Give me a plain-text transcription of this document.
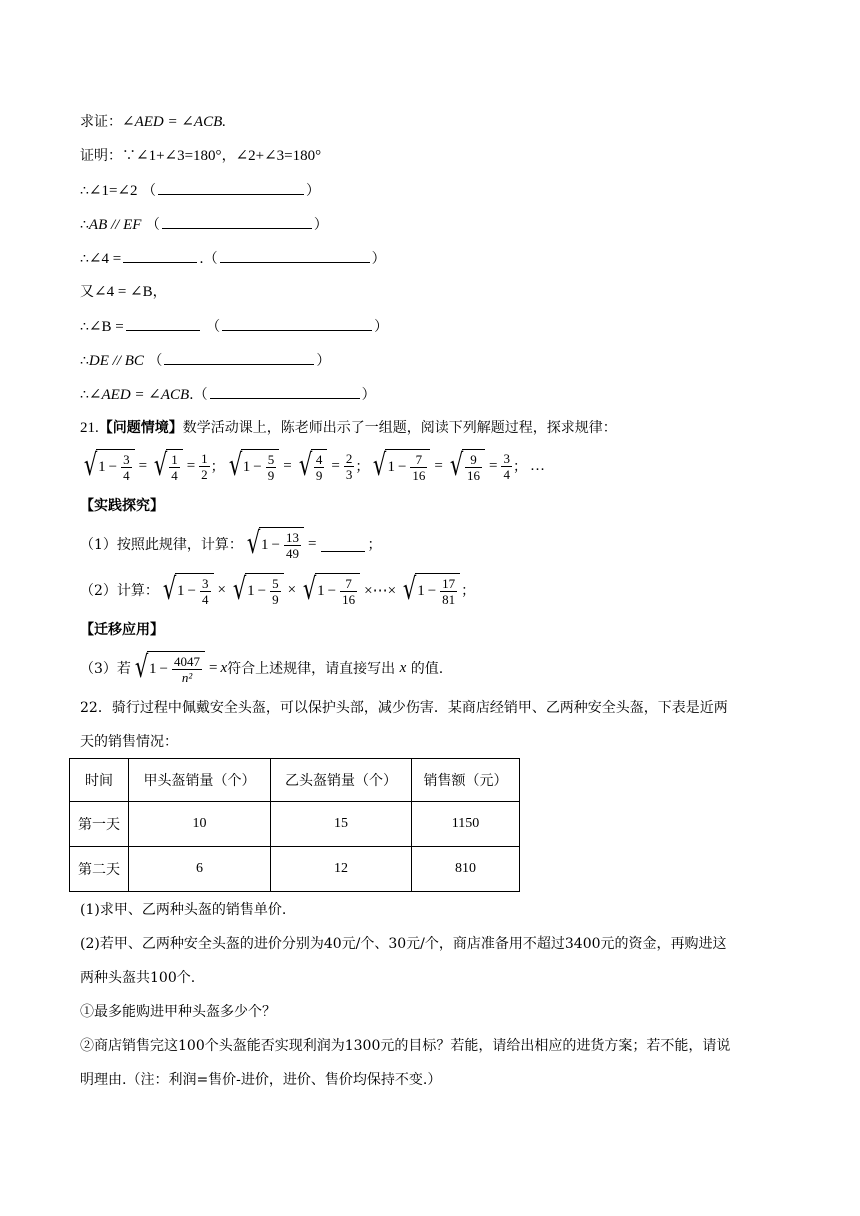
求证：∠AED = ∠ACB.
证明：∵∠1+∠3=180°，∠2+∠3=180°
∴∠1=∠2 （	）
∴AB // EF （	）
∴∠4 =	.（	）
又∠4 = ∠B，
∴∠B =	（	）
∴DE // BC （	）
∴∠AED = ∠ACB.（	）
21.【问题情境】数学活动课上，陈老师出示了一组题，阅读下列解题过程，探求规律：
√ $1 - \frac{3}{4}$ = √ $\frac{1}{4} = \frac{1}{2}$ ； √ $1 - \frac{5}{9}$ = √ $\frac{4}{9} = \frac{2}{3}$ ； √ $1 - \frac{7}{16}$ = √ $\frac{9}{16} = \frac{3}{4}$ ； …
【实践探究】
（1）按照此规律，计算： √ $1 - \frac{13}{49}$ =	；
（2）计算： √ $1 - \frac{3}{4}$ × √ $1 - \frac{5}{9}$ × √ $1 - \frac{7}{16}$ ×⋯× √ $1 - \frac{17}{81}$ ；
【迁移应用】
（3）若 √ $1 - \frac{4047}{\text{n²}} = x$ 符合上述规律，请直接写出
x
的值.
22．骑行过程中佩戴安全头盔，可以保护头部，减少伤害．某商店经销甲、乙两种安全头盔，下表是近两
天的销售情况：
时间	甲头盔销量（个）	乙头盔销量（个）	销售额（元）
第一天	10	15	1150
第二天	6	12	810
(1)求甲、乙两种头盔的销售单价.
(2)若甲、乙两种安全头盔的进价分别为40元/个、30元/个，商店准备用不超过3400元的资金，再购进这
两种头盔共100个.
①最多能购进甲种头盔多少个？
②商店销售完这100个头盔能否实现利润为1300元的目标？若能，请给出相应的进货方案；若不能，请说
明理由.（注：利润=售价-进价，进价、售价均保持不变.）
